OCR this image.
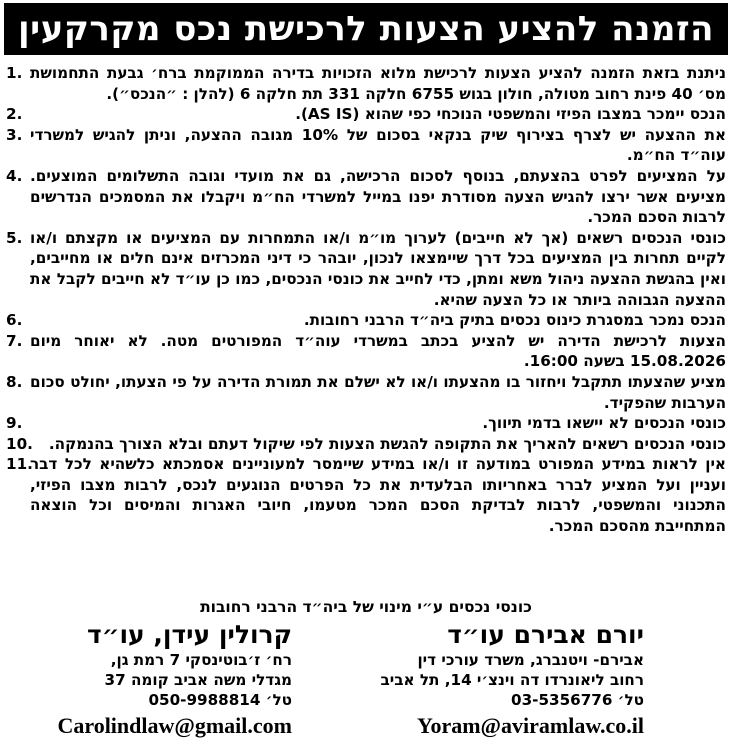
הזמנה להציע הצעות לרכישת נכס מקרקעין
ניתנת בזאת הזמנה להציע הצעות לרכישת מלוא הזכויות בדירה הממוקמת ברח׳ גבעת התחמושת מס׳ 40 פינת רחוב מטולה, חולון בגוש 6755 חלקה 331 תת חלקה 6 (להלן : ״הנכס״).
1.
הנכס יימכר במצבו הפיזי והמשפטי הנוכחי כפי שהוא (AS IS).
2.
את ההצעה יש לצרף בצירוף שיק בנקאי בסכום של 10% מגובה ההצעה, וניתן להגיש למשרדי עוה״ד הח״מ.
3.
על המציעים לפרט בהצעתם, בנוסף לסכום הרכישה, גם את מועדי וגובה התשלומים המוצעים. מציעים אשר ירצו להגיש הצעה מסודרת יפנו במייל למשרדי הח״מ ויקבלו את המסמכים הנדרשים לרבות הסכם המכר.
4.
כונסי הנכסים רשאים (אך לא חייבים) לערוך מו״מ ו/או התמחרות עם המציעים או מקצתם ו/או לקיים תחרות בין המציעים בכל דרך שיימצאו לנכון, יובהר כי דיני המכרזים אינם חלים או מחייבים, ואין בהגשת ההצעה ניהול משא ומתן, כדי לחייב את כונסי הנכסים, כמו כן עו״ד לא חייבים לקבל את ההצעה הגבוהה ביותר או כל הצעה שהיא.
5.
הנכס נמכר במסגרת כינוס נכסים בתיק ביה״ד הרבני רחובות.
6.
הצעות לרכישת הדירה יש להציע בכתב במשרדי עוה״ד המפורטים מטה. לא יאוחר מיום 15.08.2026 בשעה 16:00.
7.
מציע שהצעתו תתקבל ויחזור בו מהצעתו ו/או לא ישלם את תמורת הדירה על פי הצעתו, יחולט סכום הערבות שהפקיד.
8.
כונסי הנכסים לא יישאו בדמי תיווך.
9.
כונסי הנכסים רשאים להאריך את התקופה להגשת הצעות לפי שיקול דעתם ובלא הצורך בהנמקה.
10.
אין לראות במידע המפורט במודעה זו ו/או במידע שיימסר למעוניינים אסמכתא כלשהיא לכל דבר ועניין ועל המציע לברר באחריותו הבלעדית את כל הפרטים הנוגעים לנכס, לרבות מצבו הפיזי, התכנוני והמשפטי, לרבות לבדיקת הסכם המכר מטעמו, חיובי האגרות והמיסים וכל הוצאה המתחייבת מהסכם המכר.
11.
כונסי נכסים ע״י מינוי של ביה״ד הרבני רחובות
יורם אבירם עו״ד
אבירם- ויטנברג, משרד עורכי דין
רחוב ליאונרדו דה וינצ׳י 14, תל אביב
טל׳ 03-5356776
Yoram@aviramlaw.co.il
קרולין עידן, עו״ד
רח׳ ז׳בוטינסקי 7 רמת גן,
מגדלי משה אביב קומה 37
טל׳ 050-9988814
Carolindlaw@gmail.com
